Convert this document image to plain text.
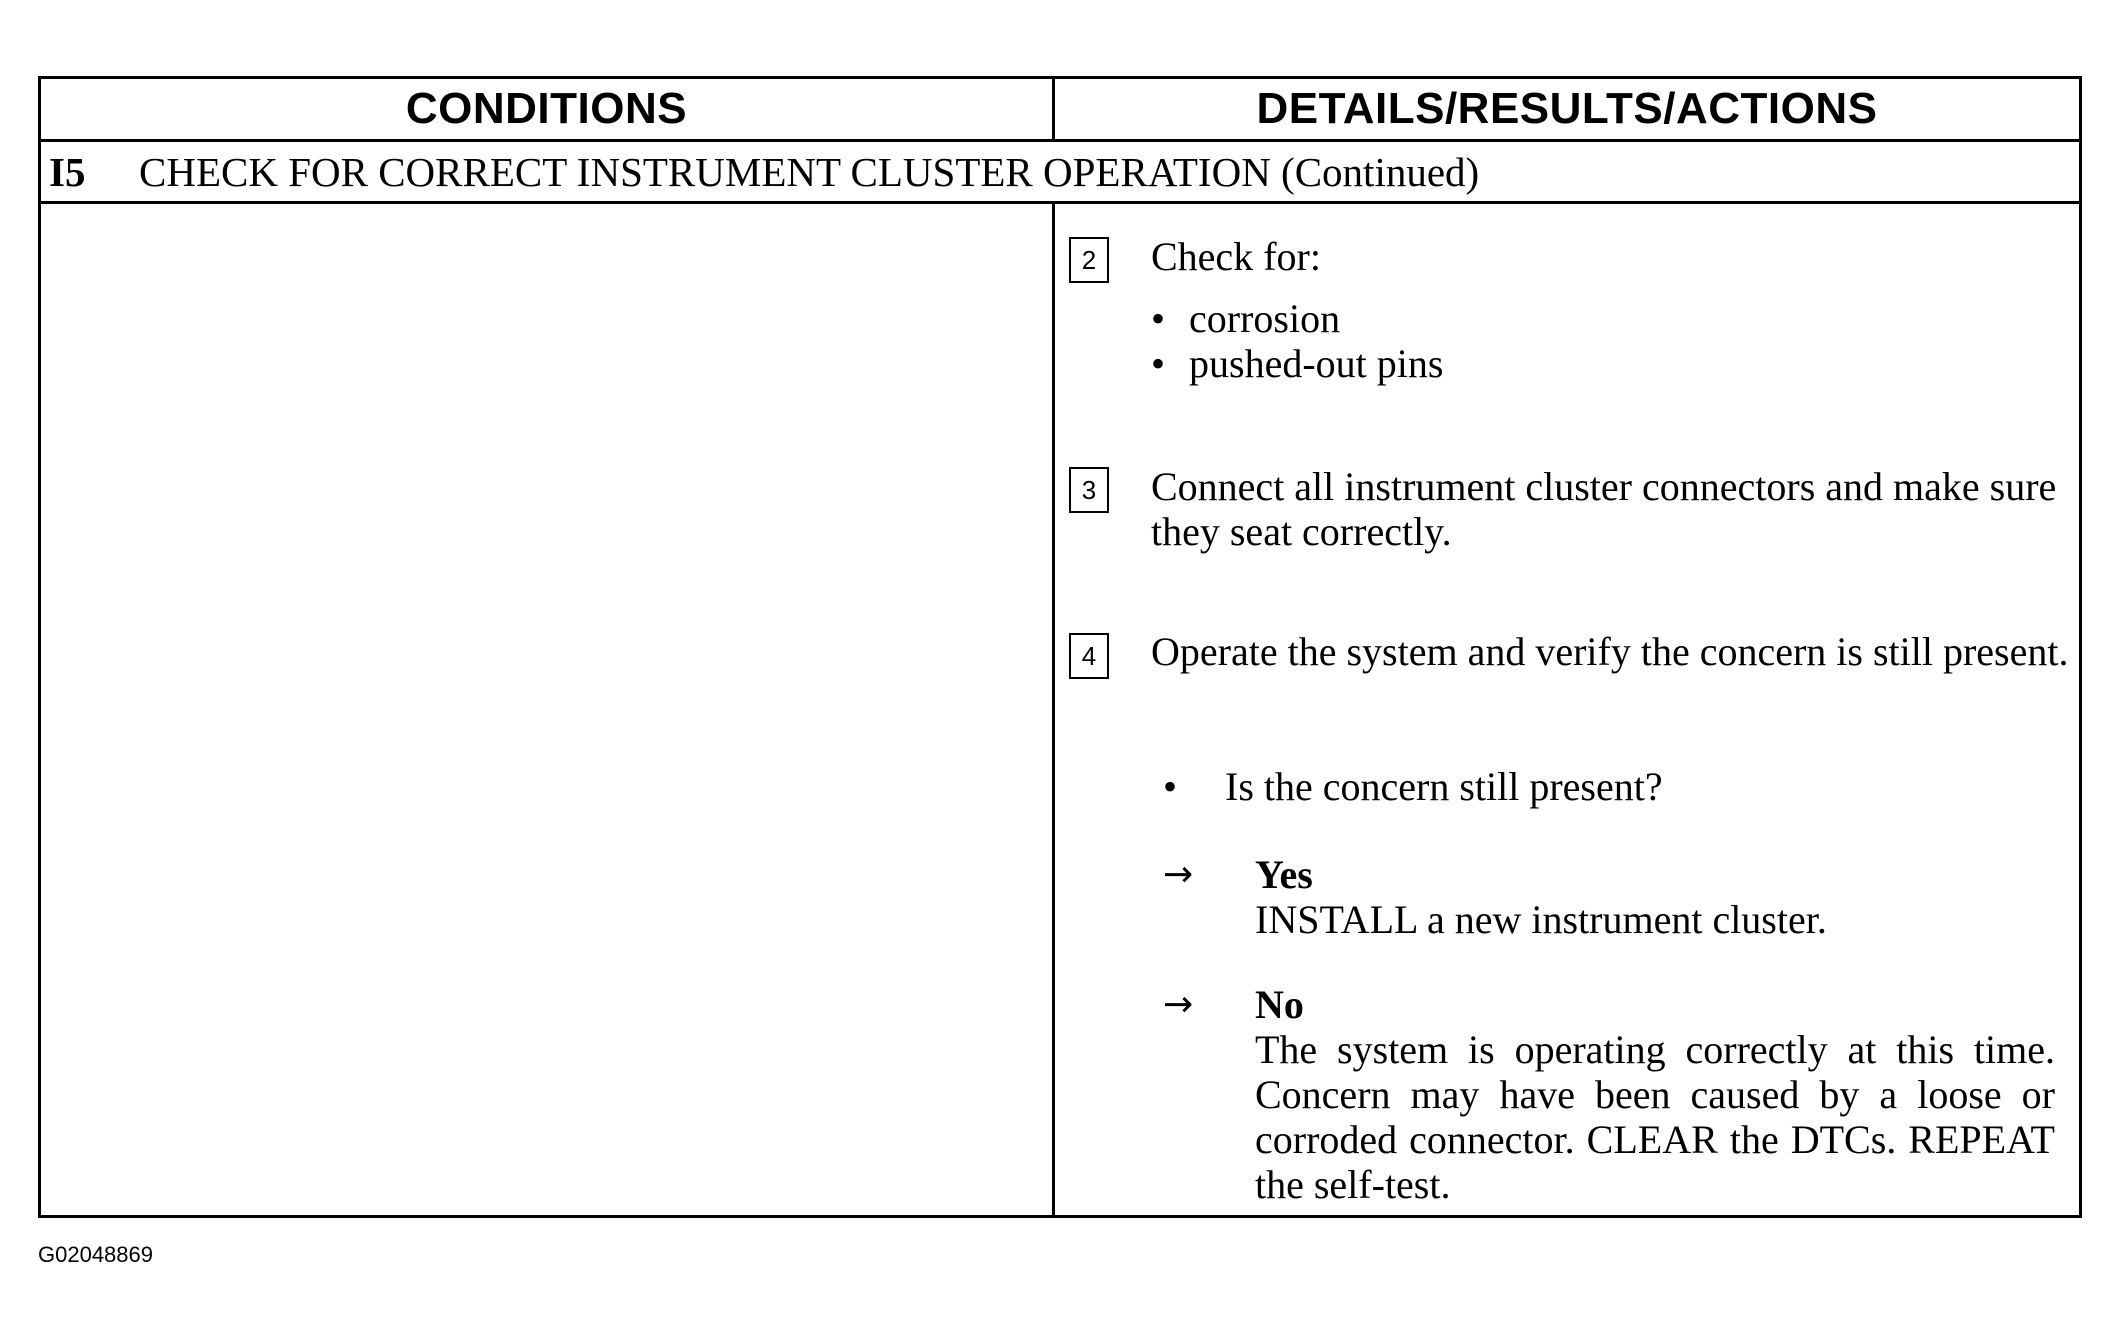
CONDITIONS	DETAILS/RESULTS/ACTIONS
I5	CHECK FOR CORRECT INSTRUMENT CLUSTER OPERATION (Continued)
2	Check for:
• corrosion
• pushed-out pins
3	Connect all instrument cluster connectors and make sure they seat correctly.
4	Operate the system and verify the concern is still present.
• Is the concern still present?
→ Yes
INSTALL a new instrument cluster.
→ No
The system is operating correctly at this time. Concern may have been caused by a loose or corroded connector. CLEAR the DTCs. REPEAT the self-test.
G02048869
